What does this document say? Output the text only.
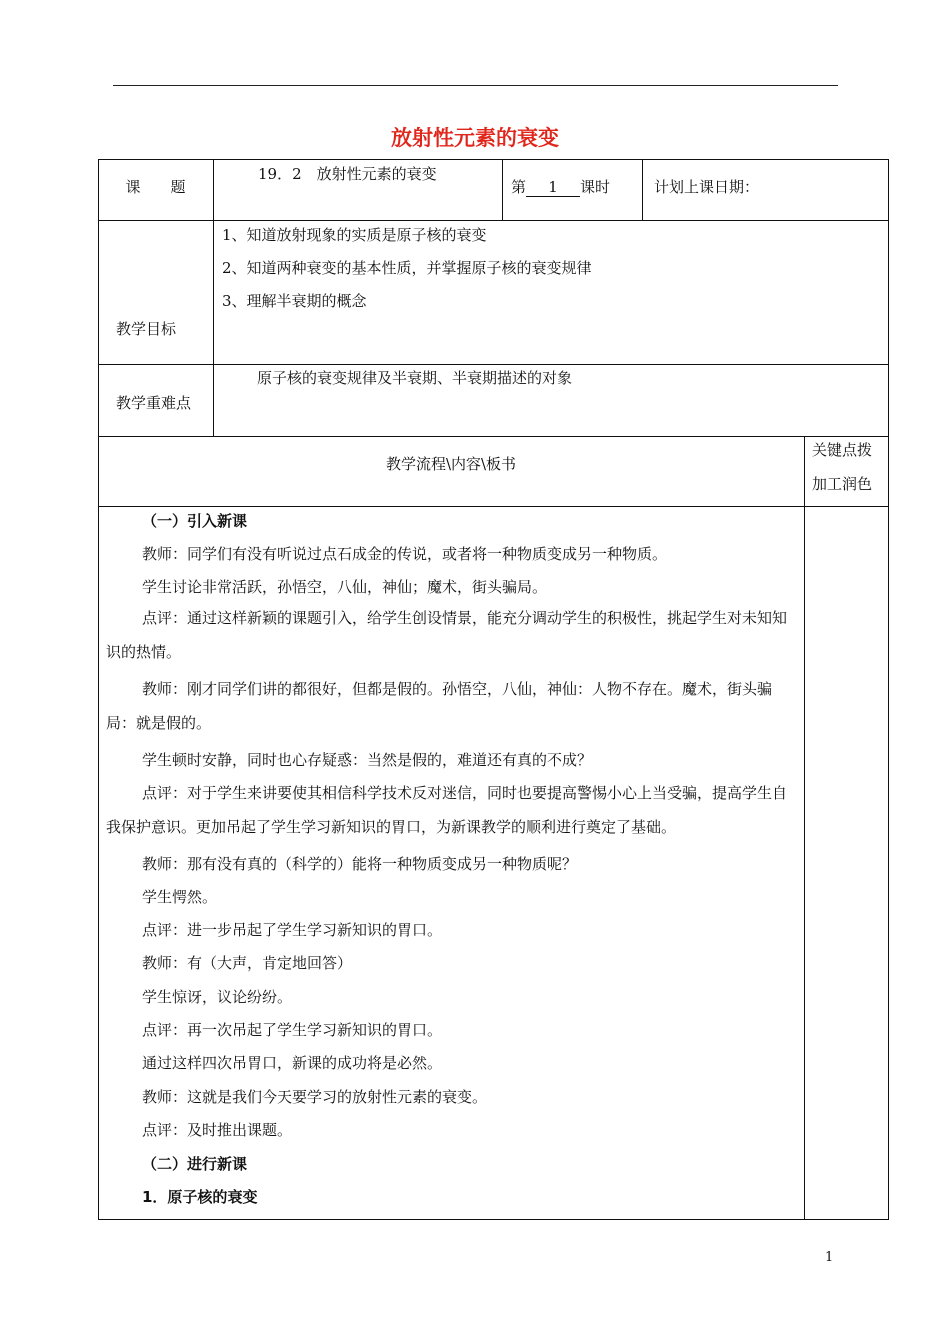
放射性元素的衰变
课　　题
19．2　放射性元素的衰变
第 1 课时	计划上课日期：
教学目标
1、知道放射现象的实质是原子核的衰变
2、知道两种衰变的基本性质，并掌握原子核的衰变规律
3、理解半衰期的概念
教学重难点
原子核的衰变规律及半衰期、半衰期描述的对象
教学流程\内容\板书
关键点拨
加工润色
（一）引入新课
教师：同学们有没有听说过点石成金的传说，或者将一种物质变成另一种物质。
学生讨论非常活跃，孙悟空，八仙，神仙；魔术，街头骗局。
点评：通过这样新颖的课题引入，给学生创设情景，能充分调动学生的积极性，挑起学生对未知知识的热情。
教师：刚才同学们讲的都很好，但都是假的。孙悟空，八仙，神仙：人物不存在。魔术，街头骗局：就是假的。
学生顿时安静，同时也心存疑惑：当然是假的，难道还有真的不成？
点评：对于学生来讲要使其相信科学技术反对迷信，同时也要提高警惕小心上当受骗，提高学生自我保护意识。更加吊起了学生学习新知识的胃口，为新课教学的顺利进行奠定了基础。
教师：那有没有真的（科学的）能将一种物质变成另一种物质呢？
学生愕然。
点评：进一步吊起了学生学习新知识的胃口。
教师：有（大声，肯定地回答）
学生惊讶，议论纷纷。
点评：再一次吊起了学生学习新知识的胃口。
通过这样四次吊胃口，新课的成功将是必然。
教师：这就是我们今天要学习的放射性元素的衰变。
点评：及时推出课题。
（二）进行新课
1．原子核的衰变
1
